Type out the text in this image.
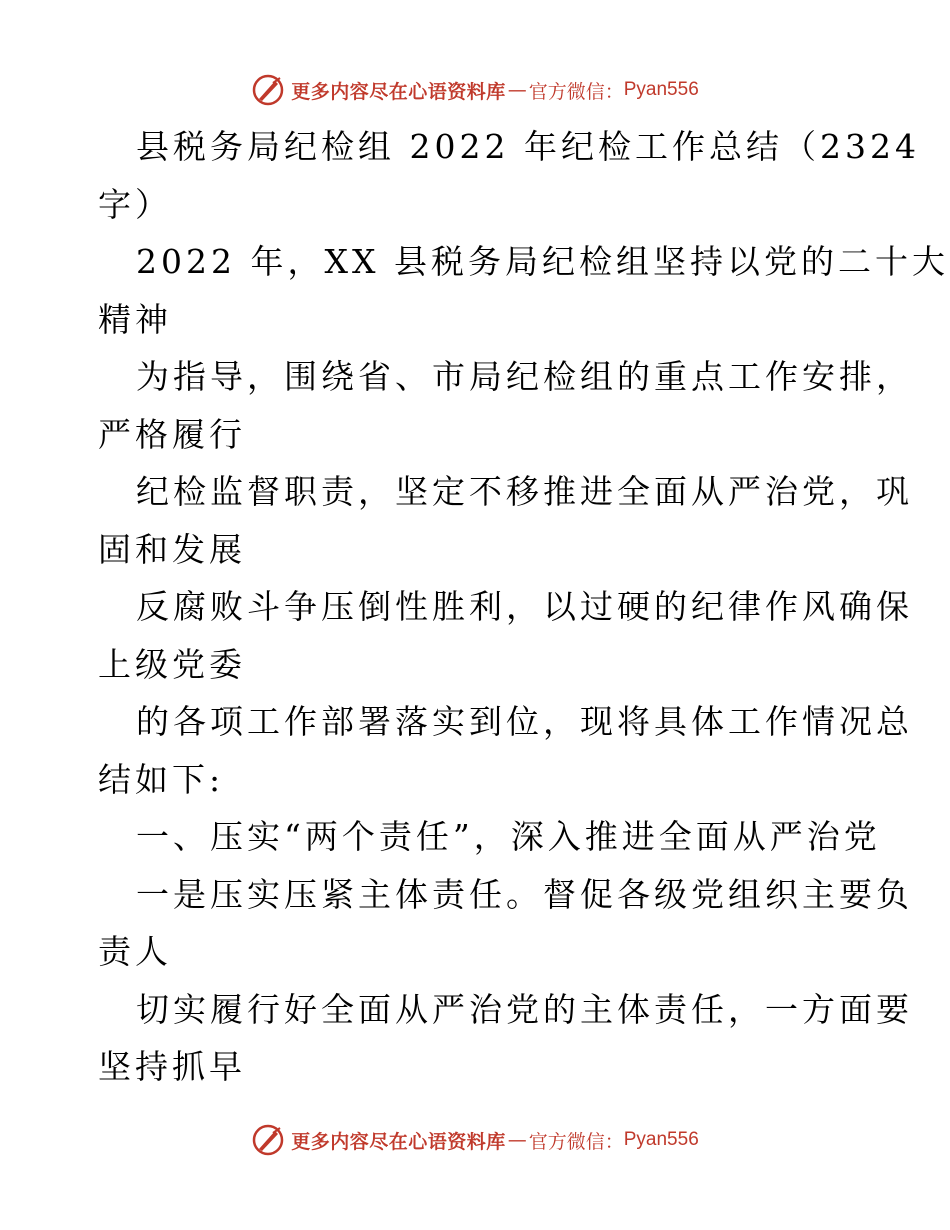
更多内容尽在心语资料库 — 官方微信： Pyan556
县税务局纪检组 2022 年纪检工作总结（2324
字）
2022 年，XX 县税务局纪检组坚持以党的二十大
精神
为指导，围绕省、市局纪检组的重点工作安排，
严格履行
纪检监督职责，坚定不移推进全面从严治党，巩
固和发展
反腐败斗争压倒性胜利，以过硬的纪律作风确保
上级党委
的各项工作部署落实到位，现将具体工作情况总
结如下:
一、压实“两个责任”，深入推进全面从严治党
一是压实压紧主体责任。督促各级党组织主要负
责人
切实履行好全面从严治党的主体责任，一方面要
坚持抓早
更多内容尽在心语资料库 — 官方微信： Pyan556
